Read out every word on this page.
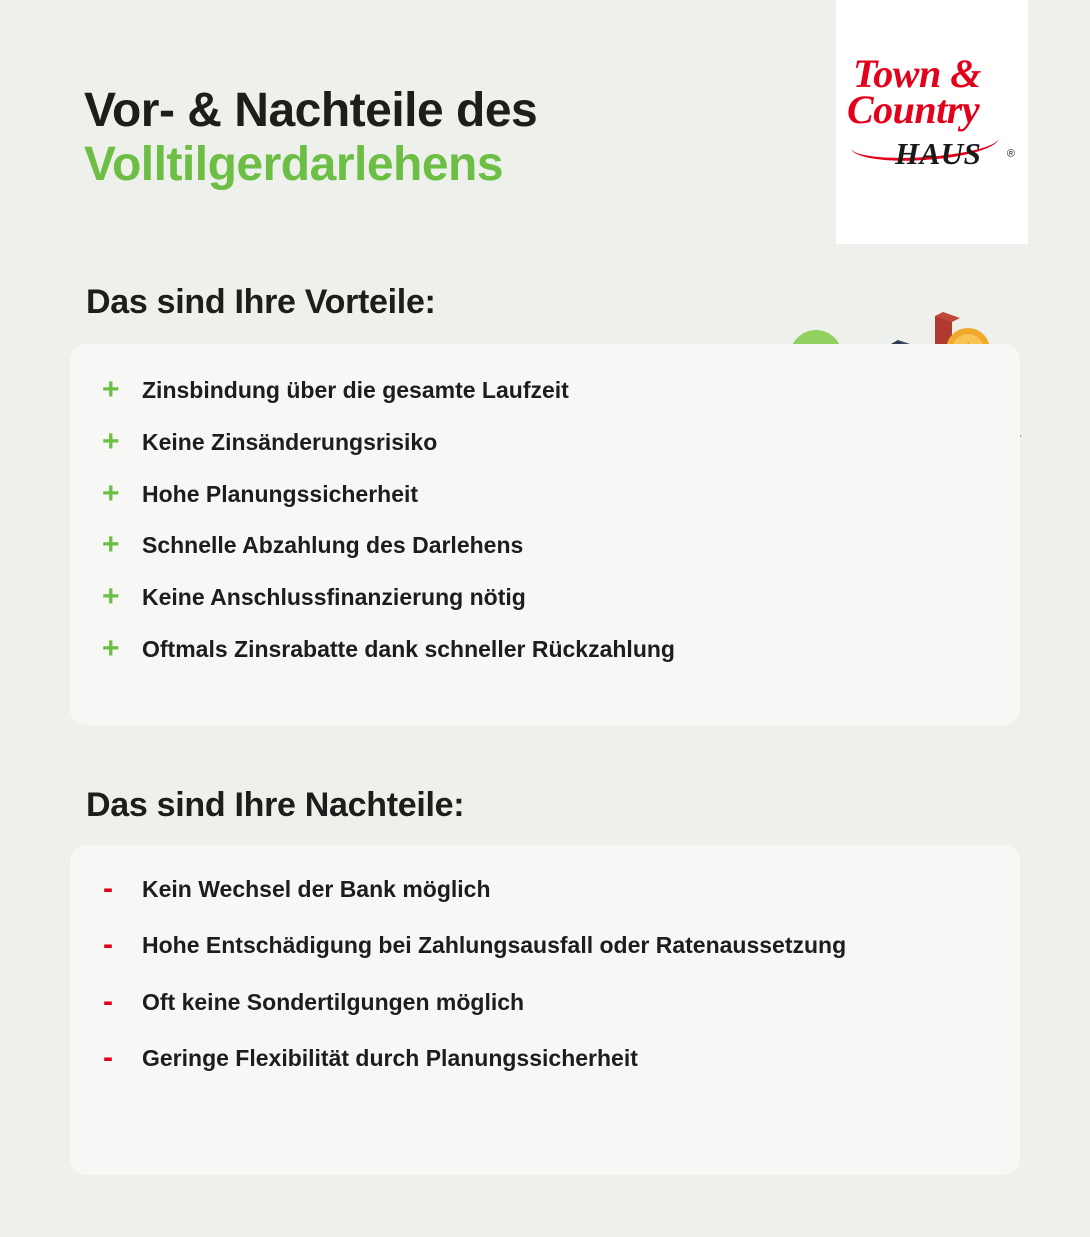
Town &
Country
HAUS ®
Vor- & Nachteile des
Volltilgerdarlehens
Das sind Ihre Vorteile:
+ Zinsbindung über die gesamte Laufzeit
+ Keine Zinsänderungsrisiko
+ Hohe Planungssicherheit
+ Schnelle Abzahlung des Darlehens
+ Keine Anschlussfinanzierung nötig
+ Oftmals Zinsrabatte dank schneller Rückzahlung
Das sind Ihre Nachteile:
-	Kein Wechsel der Bank möglich
-	Hohe Entschädigung bei Zahlungsausfall oder Ratenaussetzung
-	Oft keine Sondertilgungen möglich
-	Geringe Flexibilität durch Planungssicherheit
